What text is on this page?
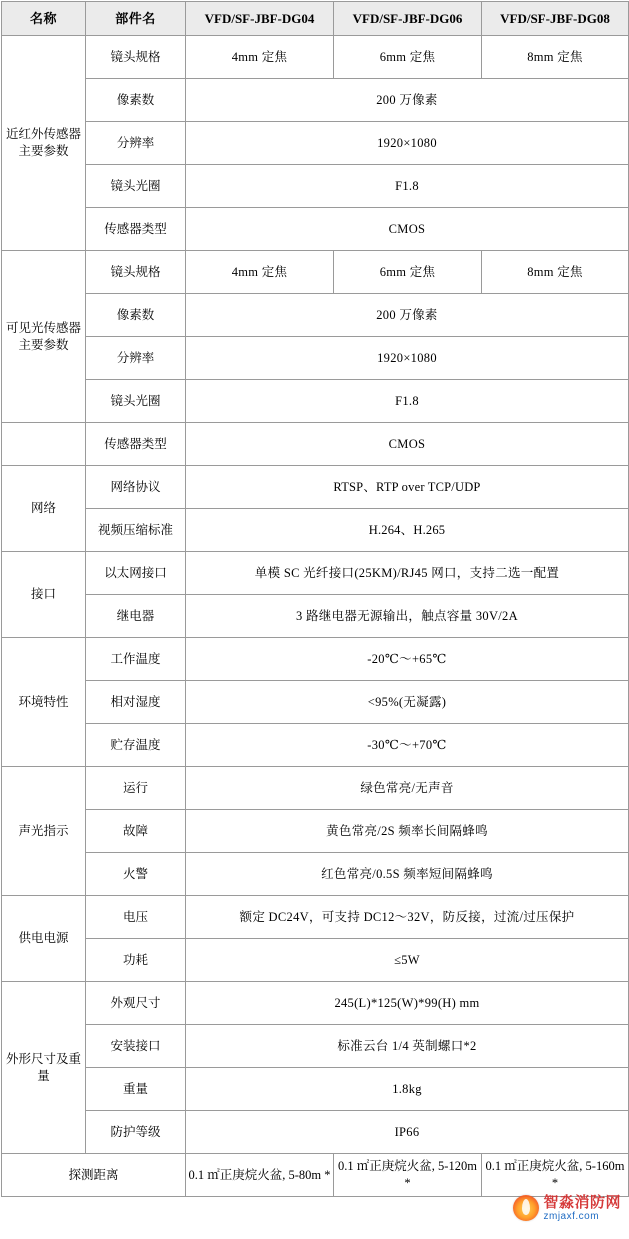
名称	部件名	VFD/SF-JBF-DG04	VFD/SF-JBF-DG06	VFD/SF-JBF-DG08
近红外传感器主要参数	镜头规格	4mm 定焦	6mm 定焦	8mm 定焦
	像素数	200 万像素		
	分辨率	1920×1080		
	镜头光圈	F1.8		
	传感器类型	CMOS		
可见光传感器主要参数	镜头规格	4mm 定焦	6mm 定焦	8mm 定焦
	像素数	200 万像素		
	分辨率	1920×1080		
	镜头光圈	F1.8		
	传感器类型	CMOS		
网络	网络协议	RTSP、RTP over TCP/UDP		
	视频压缩标准	H.264、H.265		
接口	以太网接口	单模 SC 光纤接口(25KM)/RJ45 网口，支持二选一配置		
	继电器	3 路继电器无源输出，触点容量 30V/2A		
环境特性	工作温度	-20℃～+65℃		
	相对湿度	<95%(无凝露)		
	贮存温度	-30℃～+70℃		
声光指示	运行	绿色常亮/无声音		
	故障	黄色常亮/2S 频率长间隔蜂鸣		
	火警	红色常亮/0.5S 频率短间隔蜂鸣		
供电电源	电压	额定 DC24V，可支持 DC12～32V，防反接，过流/过压保护		
	功耗	≤5W		
外形尺寸及重量	外观尺寸	245(L)*125(W)*99(H) mm		
	安装接口	标准云台 1/4 英制螺口*2		
	重量	1.8kg		
	防护等级	IP66		
探测距离		0.1 ㎡正庚烷火盆, 5-80m *	0.1 ㎡正庚烷火盆, 5-120m *	0.1 ㎡正庚烷火盆, 5-160m *
智淼消防网
zmjaxf.com
